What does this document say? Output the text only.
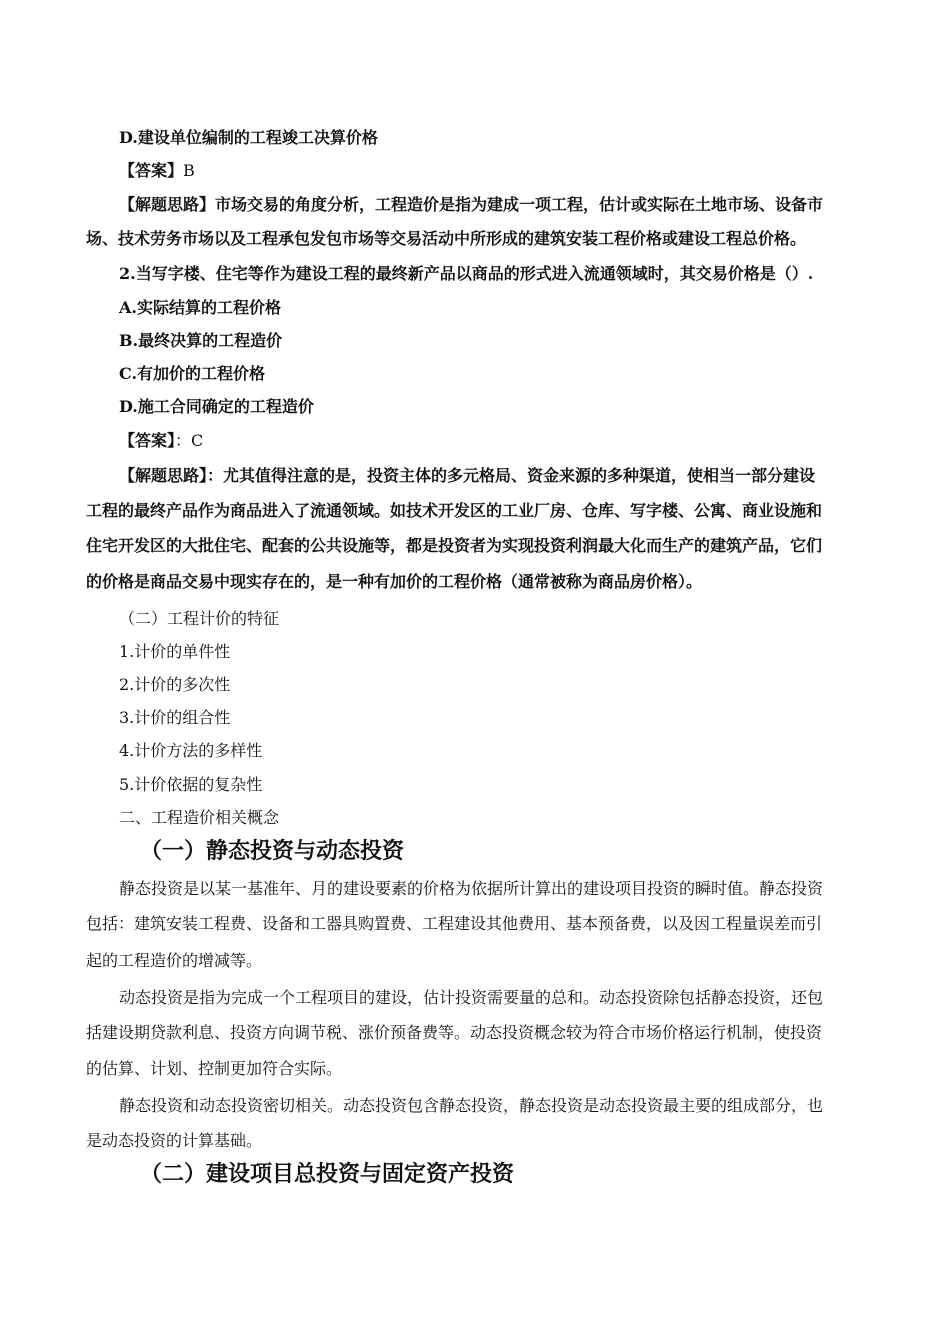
D.建设单位编制的工程竣工决算价格
【答案】B
【解题思路】市场交易的角度分析，工程造价是指为建成一项工程，估计或实际在土地市场、设备市
场、技术劳务市场以及工程承包发包市场等交易活动中所形成的建筑安装工程价格或建设工程总价格。
2.当写字楼、住宅等作为建设工程的最终新产品以商品的形式进入流通领域时，其交易价格是（）.
A.实际结算的工程价格
B.最终决算的工程造价
C.有加价的工程价格
D.施工合同确定的工程造价
【答案】：C
【解题思路】：尤其值得注意的是，投资主体的多元格局、资金来源的多种渠道，使相当一部分建设
工程的最终产品作为商品进入了流通领域。如技术开发区的工业厂房、仓库、写字楼、公寓、商业设施和
住宅开发区的大批住宅、配套的公共设施等，都是投资者为实现投资利润最大化而生产的建筑产品，它们
的价格是商品交易中现实存在的，是一种有加价的工程价格（通常被称为商品房价格）。
（二）工程计价的特征
1.计价的单件性
2.计价的多次性
3.计价的组合性
4.计价方法的多样性
5.计价依据的复杂性
二、工程造价相关概念
（一）静态投资与动态投资
静态投资是以某一基准年、月的建设要素的价格为依据所计算出的建设项目投资的瞬时值。静态投资
包括：建筑安装工程费、设备和工器具购置费、工程建设其他费用、基本预备费，以及因工程量误差而引
起的工程造价的增减等。
动态投资是指为完成一个工程项目的建设，估计投资需要量的总和。动态投资除包括静态投资，还包
括建设期贷款利息、投资方向调节税、涨价预备费等。动态投资概念较为符合市场价格运行机制，使投资
的估算、计划、控制更加符合实际。
静态投资和动态投资密切相关。动态投资包含静态投资，静态投资是动态投资最主要的组成部分，也
是动态投资的计算基础。
（二）建设项目总投资与固定资产投资
